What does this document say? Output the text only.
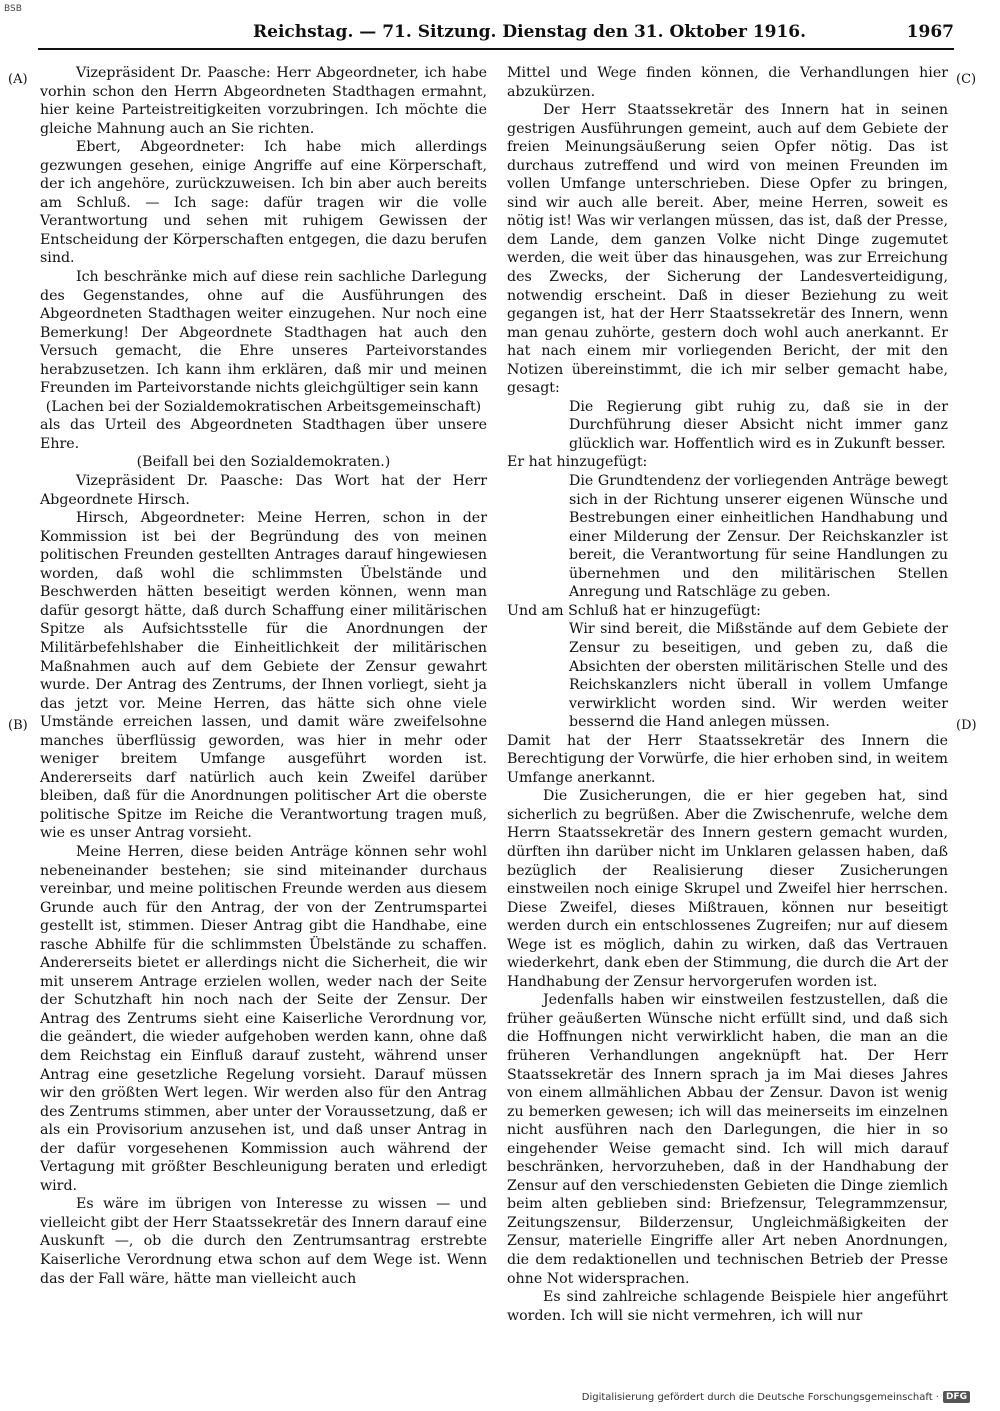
BSB
Reichstag. — 71. Sitzung. Dienstag den 31. Oktober 1916.	1967
(A)
(B)
(C)
(D)

Vizepräsident Dr. Paasche: Herr Abgeordneter, ich habe vorhin schon den Herrn Abgeordneten Stadthagen ermahnt, hier keine Parteistreitigkeiten vorzubringen. Ich möchte die gleiche Mahnung auch an Sie richten.

Ebert, Abgeordneter: Ich habe mich allerdings gezwungen gesehen, einige Angriffe auf eine Körperschaft, der ich angehöre, zurückzuweisen. Ich bin aber auch bereits am Schluß. — Ich sage: dafür tragen wir die volle Verantwortung und sehen mit ruhigem Gewissen der Entscheidung der Körperschaften entgegen, die dazu berufen sind.

Ich beschränke mich auf diese rein sachliche Darlegung des Gegenstandes, ohne auf die Ausführungen des Abgeordneten Stadthagen weiter einzugehen. Nur noch eine Bemerkung! Der Abgeordnete Stadthagen hat auch den Versuch gemacht, die Ehre unseres Parteivorstandes herabzusetzen. Ich kann ihm erklären, daß mir und meinen Freunden im Parteivorstande nichts gleichgültiger sein kann

(Lachen bei der Sozialdemokratischen Arbeitsgemeinschaft)

als das Urteil des Abgeordneten Stadthagen über unsere Ehre.

(Beifall bei den Sozialdemokraten.)

Vizepräsident Dr. Paasche: Das Wort hat der Herr Abgeordnete Hirsch.

Hirsch, Abgeordneter: Meine Herren, schon in der Kommission ist bei der Begründung des von meinen politischen Freunden gestellten Antrages darauf hingewiesen worden, daß wohl die schlimmsten Übelstände und Beschwerden hätten beseitigt werden können, wenn man dafür gesorgt hätte, daß durch Schaffung einer militärischen Spitze als Aufsichtsstelle für die Anordnungen der Militärbefehlshaber die Einheitlichkeit der militärischen Maßnahmen auch auf dem Gebiete der Zensur gewahrt wurde. Der Antrag des Zentrums, der Ihnen vorliegt, sieht ja das jetzt vor. Meine Herren, das hätte sich ohne viele Umstände erreichen lassen, und damit wäre zweifelsohne manches überflüssig geworden, was hier in mehr oder weniger breitem Umfange ausgeführt worden ist. Andererseits darf natürlich auch kein Zweifel darüber bleiben, daß für die Anordnungen politischer Art die oberste politische Spitze im Reiche die Verantwortung tragen muß, wie es unser Antrag vorsieht.

Meine Herren, diese beiden Anträge können sehr wohl nebeneinander bestehen; sie sind miteinander durchaus vereinbar, und meine politischen Freunde werden aus diesem Grunde auch für den Antrag, der von der Zentrumspartei gestellt ist, stimmen. Dieser Antrag gibt die Handhabe, eine rasche Abhilfe für die schlimmsten Übelstände zu schaffen. Andererseits bietet er allerdings nicht die Sicherheit, die wir mit unserem Antrage erzielen wollen, weder nach der Seite der Schutzhaft hin noch nach der Seite der Zensur. Der Antrag des Zentrums sieht eine Kaiserliche Verordnung vor, die geändert, die wieder aufgehoben werden kann, ohne daß dem Reichstag ein Einfluß darauf zusteht, während unser Antrag eine gesetzliche Regelung vorsieht. Darauf müssen wir den größten Wert legen. Wir werden also für den Antrag des Zentrums stimmen, aber unter der Voraussetzung, daß er als ein Provisorium anzusehen ist, und daß unser Antrag in der dafür vorgesehenen Kommission auch während der Vertagung mit größter Beschleunigung beraten und erledigt wird.

Es wäre im übrigen von Interesse zu wissen — und vielleicht gibt der Herr Staatssekretär des Innern darauf eine Auskunft —, ob die durch den Zentrumsantrag erstrebte Kaiserliche Verordnung etwa schon auf dem Wege ist. Wenn das der Fall wäre, hätte man vielleicht auch

Mittel und Wege finden können, die Verhandlungen hier abzukürzen.

Der Herr Staatssekretär des Innern hat in seinen gestrigen Ausführungen gemeint, auch auf dem Gebiete der freien Meinungsäußerung seien Opfer nötig. Das ist durchaus zutreffend und wird von meinen Freunden im vollen Umfange unterschrieben. Diese Opfer zu bringen, sind wir auch alle bereit. Aber, meine Herren, soweit es nötig ist! Was wir verlangen müssen, das ist, daß der Presse, dem Lande, dem ganzen Volke nicht Dinge zugemutet werden, die weit über das hinausgehen, was zur Erreichung des Zwecks, der Sicherung der Landesverteidigung, notwendig erscheint. Daß in dieser Beziehung zu weit gegangen ist, hat der Herr Staatssekretär des Innern, wenn man genau zuhörte, gestern doch wohl auch anerkannt. Er hat nach einem mir vorliegenden Bericht, der mit den Notizen übereinstimmt, die ich mir selber gemacht habe, gesagt:

Die Regierung gibt ruhig zu, daß sie in der Durchführung dieser Absicht nicht immer ganz glücklich war. Hoffentlich wird es in Zukunft besser.

Er hat hinzugefügt:

Die Grundtendenz der vorliegenden Anträge bewegt sich in der Richtung unserer eigenen Wünsche und Bestrebungen einer einheitlichen Handhabung und einer Milderung der Zensur. Der Reichskanzler ist bereit, die Verantwortung für seine Handlungen zu übernehmen und den militärischen Stellen Anregung und Ratschläge zu geben.

Und am Schluß hat er hinzugefügt:

Wir sind bereit, die Mißstände auf dem Gebiete der Zensur zu beseitigen, und geben zu, daß die Absichten der obersten militärischen Stelle und des Reichskanzlers nicht überall in vollem Umfange verwirklicht worden sind. Wir werden weiter bessernd die Hand anlegen müssen.

Damit hat der Herr Staatssekretär des Innern die Berechtigung der Vorwürfe, die hier erhoben sind, in weitem Umfange anerkannt.

Die Zusicherungen, die er hier gegeben hat, sind sicherlich zu begrüßen. Aber die Zwischenrufe, welche dem Herrn Staatssekretär des Innern gestern gemacht wurden, dürften ihn darüber nicht im Unklaren gelassen haben, daß bezüglich der Realisierung dieser Zusicherungen einstweilen noch einige Skrupel und Zweifel hier herrschen. Diese Zweifel, dieses Mißtrauen, können nur beseitigt werden durch ein entschlossenes Zugreifen; nur auf diesem Wege ist es möglich, dahin zu wirken, daß das Vertrauen wiederkehrt, dank eben der Stimmung, die durch die Art der Handhabung der Zensur hervorgerufen worden ist.

Jedenfalls haben wir einstweilen festzustellen, daß die früher geäußerten Wünsche nicht erfüllt sind, und daß sich die Hoffnungen nicht verwirklicht haben, die man an die früheren Verhandlungen angeknüpft hat. Der Herr Staatssekretär des Innern sprach ja im Mai dieses Jahres von einem allmählichen Abbau der Zensur. Davon ist wenig zu bemerken gewesen; ich will das meinerseits im einzelnen nicht ausführen nach den Darlegungen, die hier in so eingehender Weise gemacht sind. Ich will mich darauf beschränken, hervorzuheben, daß in der Handhabung der Zensur auf den verschiedensten Gebieten die Dinge ziemlich beim alten geblieben sind: Briefzensur, Telegrammzensur, Zeitungszensur, Bilderzensur, Ungleichmäßigkeiten der Zensur, materielle Eingriffe aller Art neben Anordnungen, die dem redaktionellen und technischen Betrieb der Presse ohne Not widersprachen.

Es sind zahlreiche schlagende Beispiele hier angeführt worden. Ich will sie nicht vermehren, ich will nur

Digitalisierung gefördert durch die Deutsche Forschungsgemeinschaft · DFG
